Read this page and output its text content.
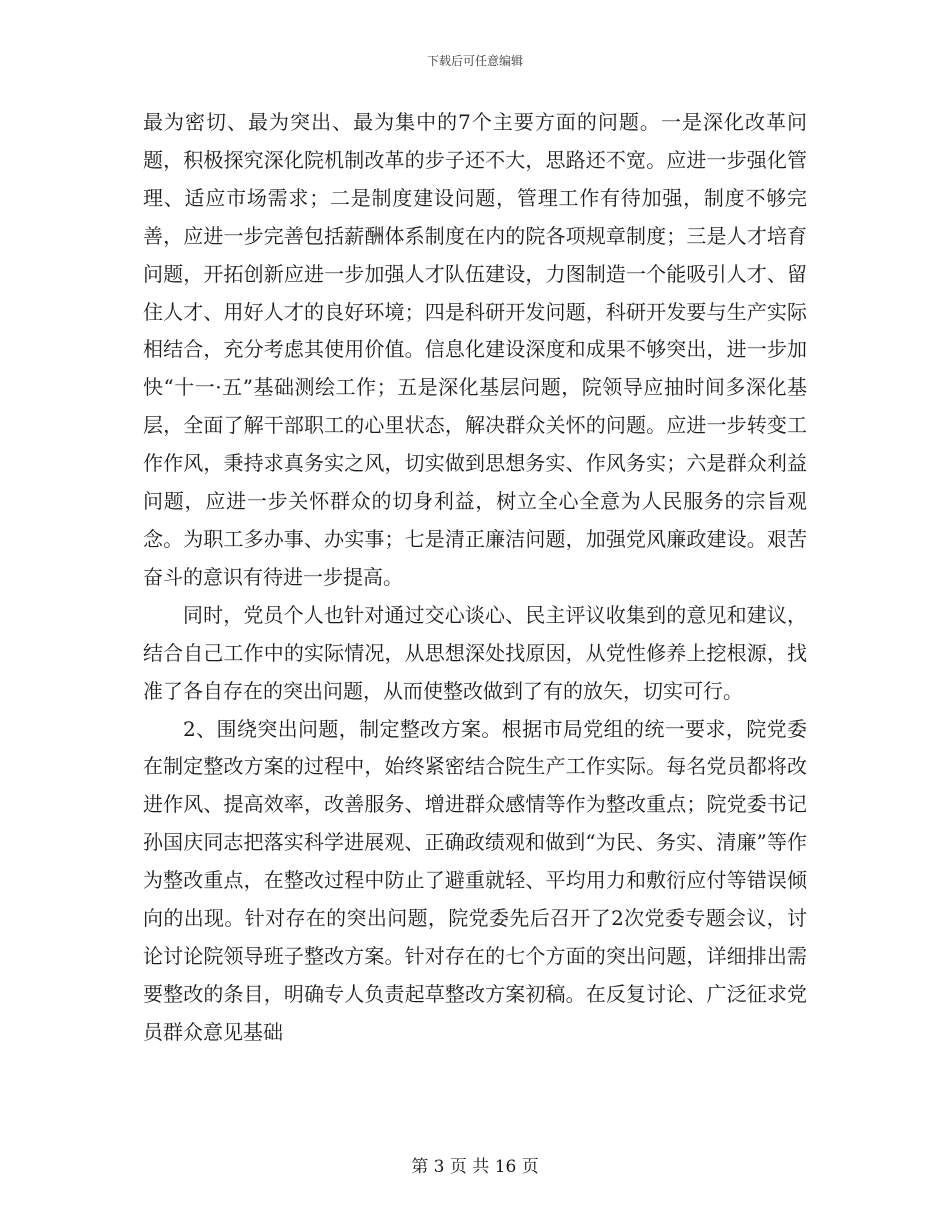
下载后可任意编辑

最为密切、最为突出、最为集中的7个主要方面的问题。一是深化改革问题，积极探究深化院机制改革的步子还不大，思路还不宽。应进一步强化管理、适应市场需求；二是制度建设问题，管理工作有待加强，制度不够完善，应进一步完善包括薪酬体系制度在内的院各项规章制度；三是人才培育问题，开拓创新应进一步加强人才队伍建设，力图制造一个能吸引人才、留住人才、用好人才的良好环境；四是科研开发问题，科研开发要与生产实际相结合，充分考虑其使用价值。信息化建设深度和成果不够突出，进一步加快“十一·五”基础测绘工作；五是深化基层问题，院领导应抽时间多深化基层，全面了解干部职工的心里状态，解决群众关怀的问题。应进一步转变工作作风，秉持求真务实之风，切实做到思想务实、作风务实；六是群众利益问题，应进一步关怀群众的切身利益，树立全心全意为人民服务的宗旨观念。为职工多办事、办实事；七是清正廉洁问题，加强党风廉政建设。艰苦奋斗的意识有待进一步提高。

同时，党员个人也针对通过交心谈心、民主评议收集到的意见和建议，结合自己工作中的实际情况，从思想深处找原因，从党性修养上挖根源，找准了各自存在的突出问题，从而使整改做到了有的放矢，切实可行。

2、围绕突出问题，制定整改方案。根据市局党组的统一要求，院党委在制定整改方案的过程中，始终紧密结合院生产工作实际。每名党员都将改进作风、提高效率，改善服务、增进群众感情等作为整改重点；院党委书记孙国庆同志把落实科学进展观、正确政绩观和做到“为民、务实、清廉”等作为整改重点，在整改过程中防止了避重就轻、平均用力和敷衍应付等错误倾向的出现。针对存在的突出问题，院党委先后召开了2次党委专题会议，讨论讨论院领导班子整改方案。针对存在的七个方面的突出问题，详细排出需要整改的条目，明确专人负责起草整改方案初稿。在反复讨论、广泛征求党员群众意见基础

第 3 页 共 16 页
